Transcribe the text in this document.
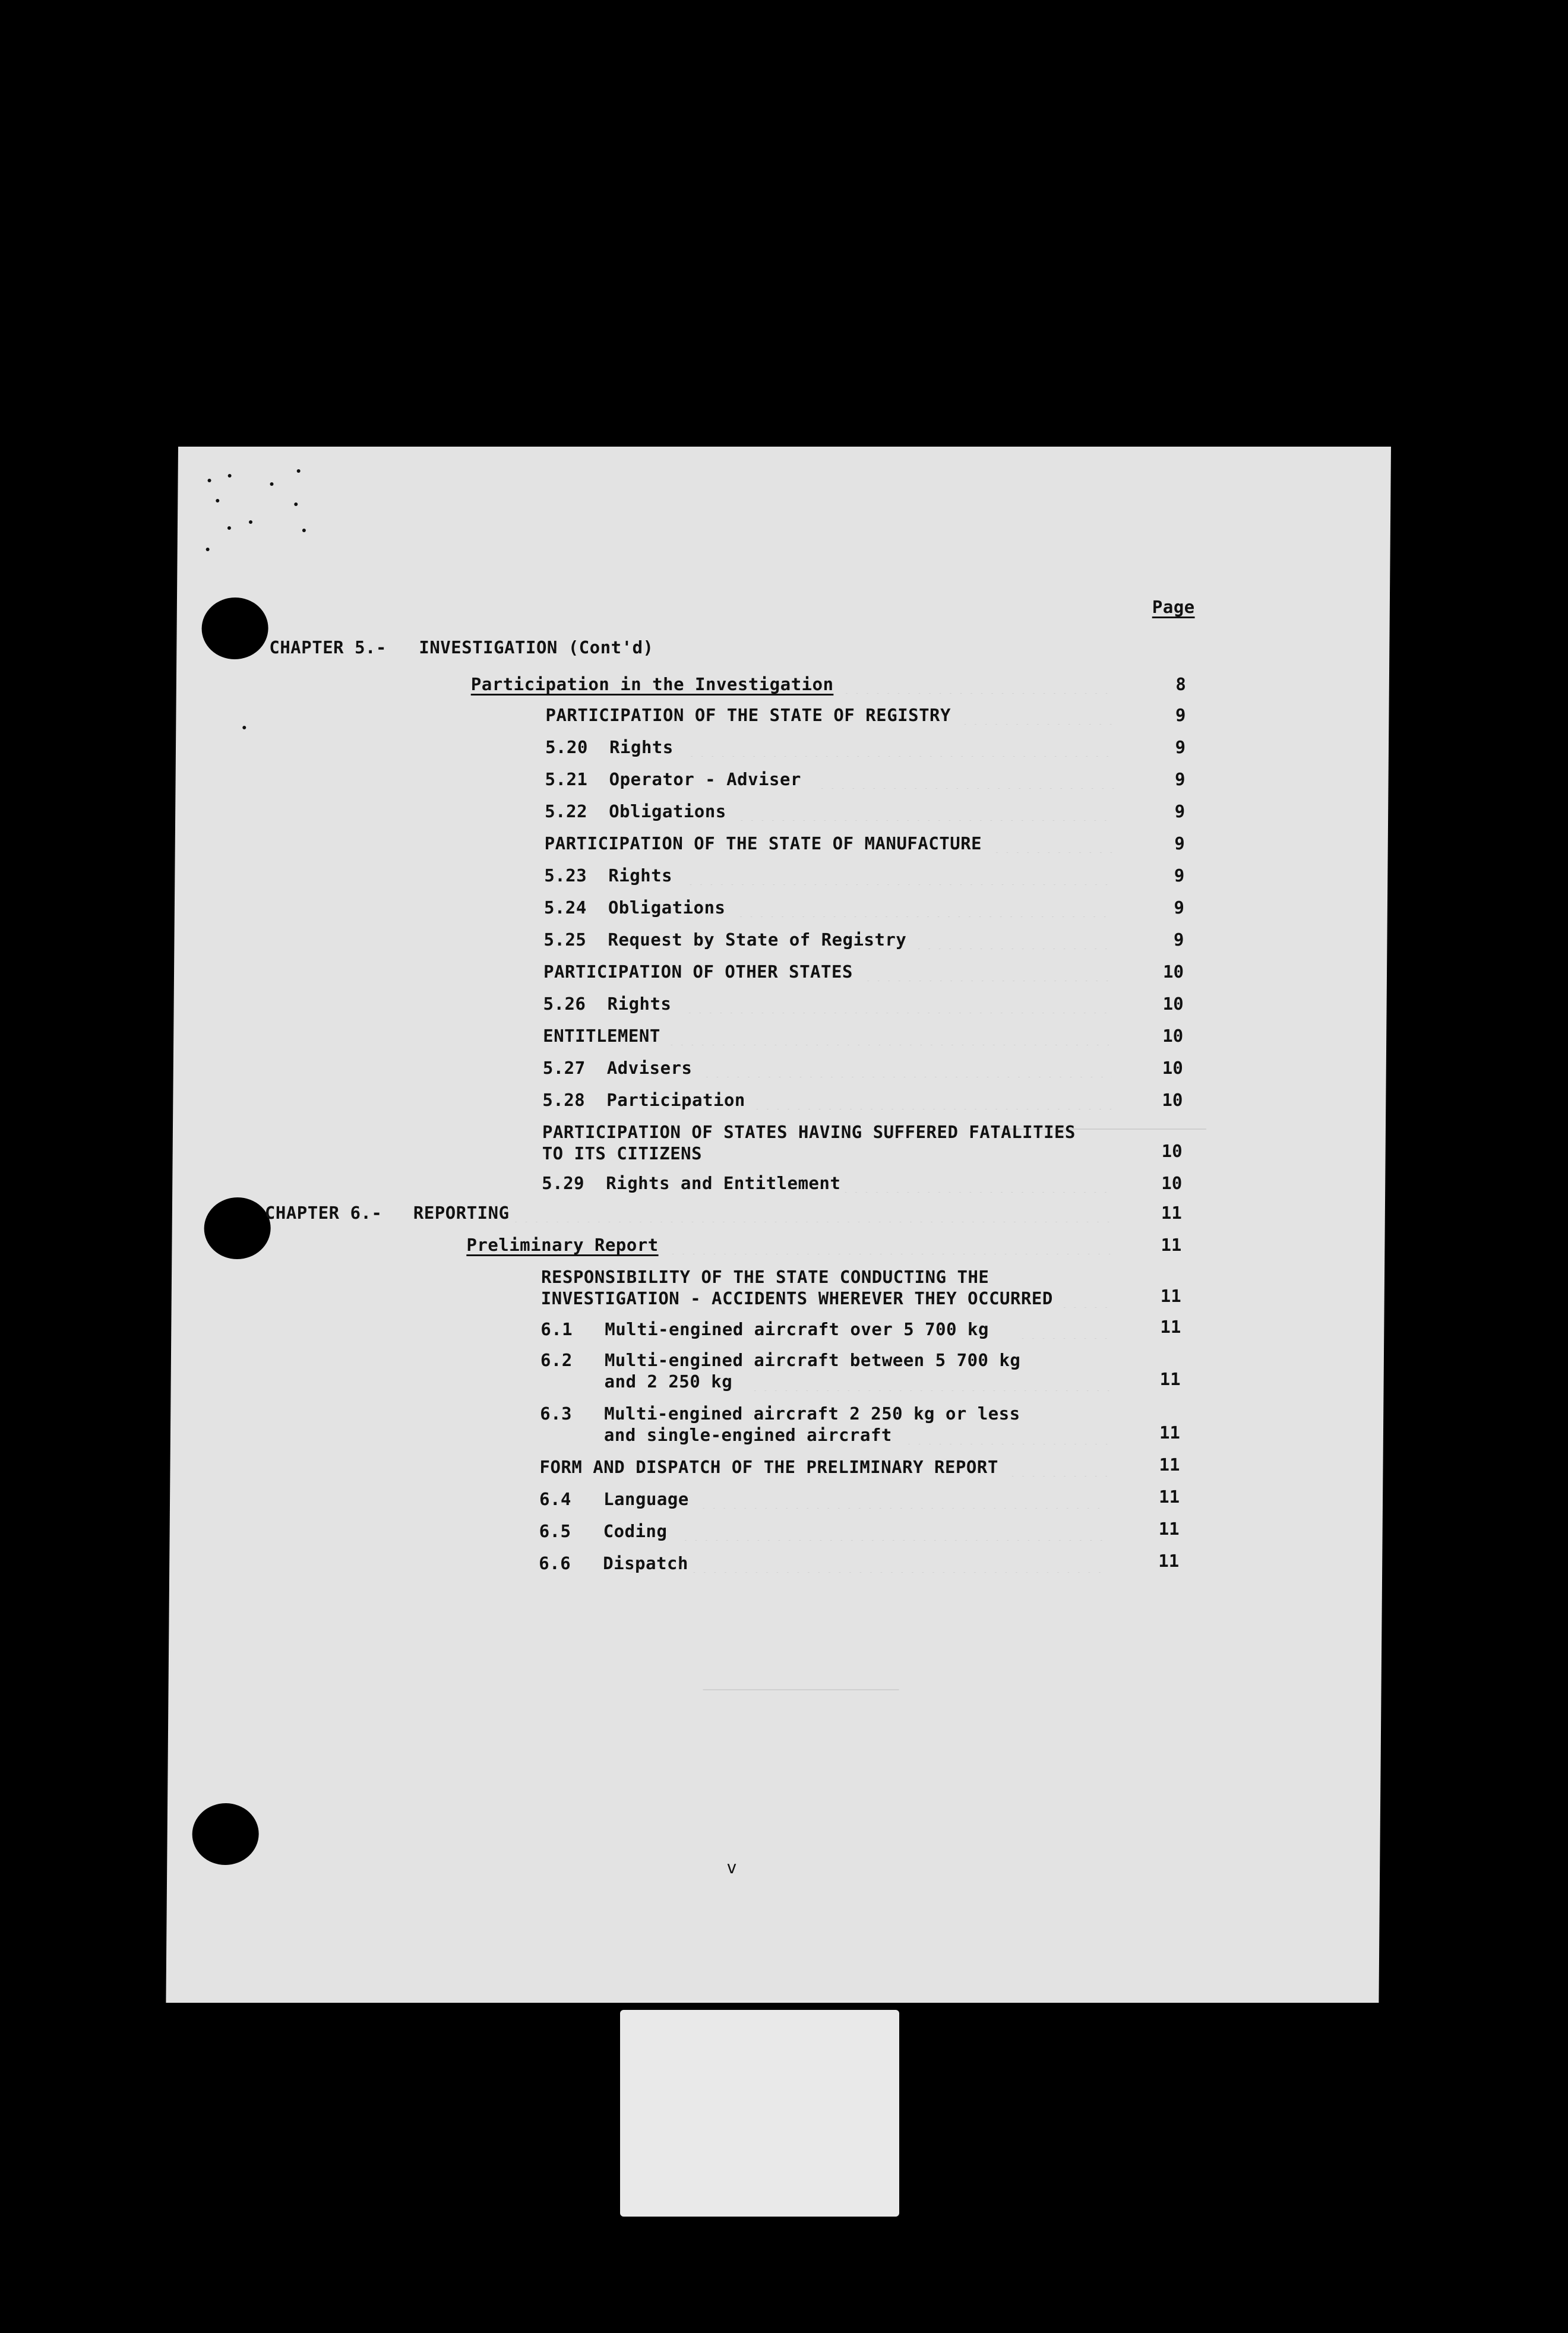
Page
CHAPTER 5.- INVESTIGATION (Cont'd)
Participation in the Investigation	8
PARTICIPATION OF THE STATE OF REGISTRY	9
5.20 Rights	9
5.21 Operator - Adviser	9
5.22 Obligations	9
PARTICIPATION OF THE STATE OF MANUFACTURE	9
5.23 Rights	9
5.24 Obligations	9
5.25 Request by State of Registry	9
PARTICIPATION OF OTHER STATES	10
5.26 Rights	10
ENTITLEMENT	10
5.27 Advisers	10
5.28 Participation	10
PARTICIPATION OF STATES HAVING SUFFERED FATALITIES
TO ITS CITIZENS	10
5.29 Rights and Entitlement	10
CHAPTER 6.- REPORTING	11
Preliminary Report	11
RESPONSIBILITY OF THE STATE CONDUCTING THE
INVESTIGATION - ACCIDENTS WHEREVER THEY OCCURRED	11
6.1 Multi-engined aircraft over 5 700 kg	11
6.2 Multi-engined aircraft between 5 700 kg
and 2 250 kg	11
6.3 Multi-engined aircraft 2 250 kg or less
and single-engined aircraft	11
FORM AND DISPATCH OF THE PRELIMINARY REPORT	11
6.4 Language	11
6.5 Coding	11
6.6 Dispatch	11
v
